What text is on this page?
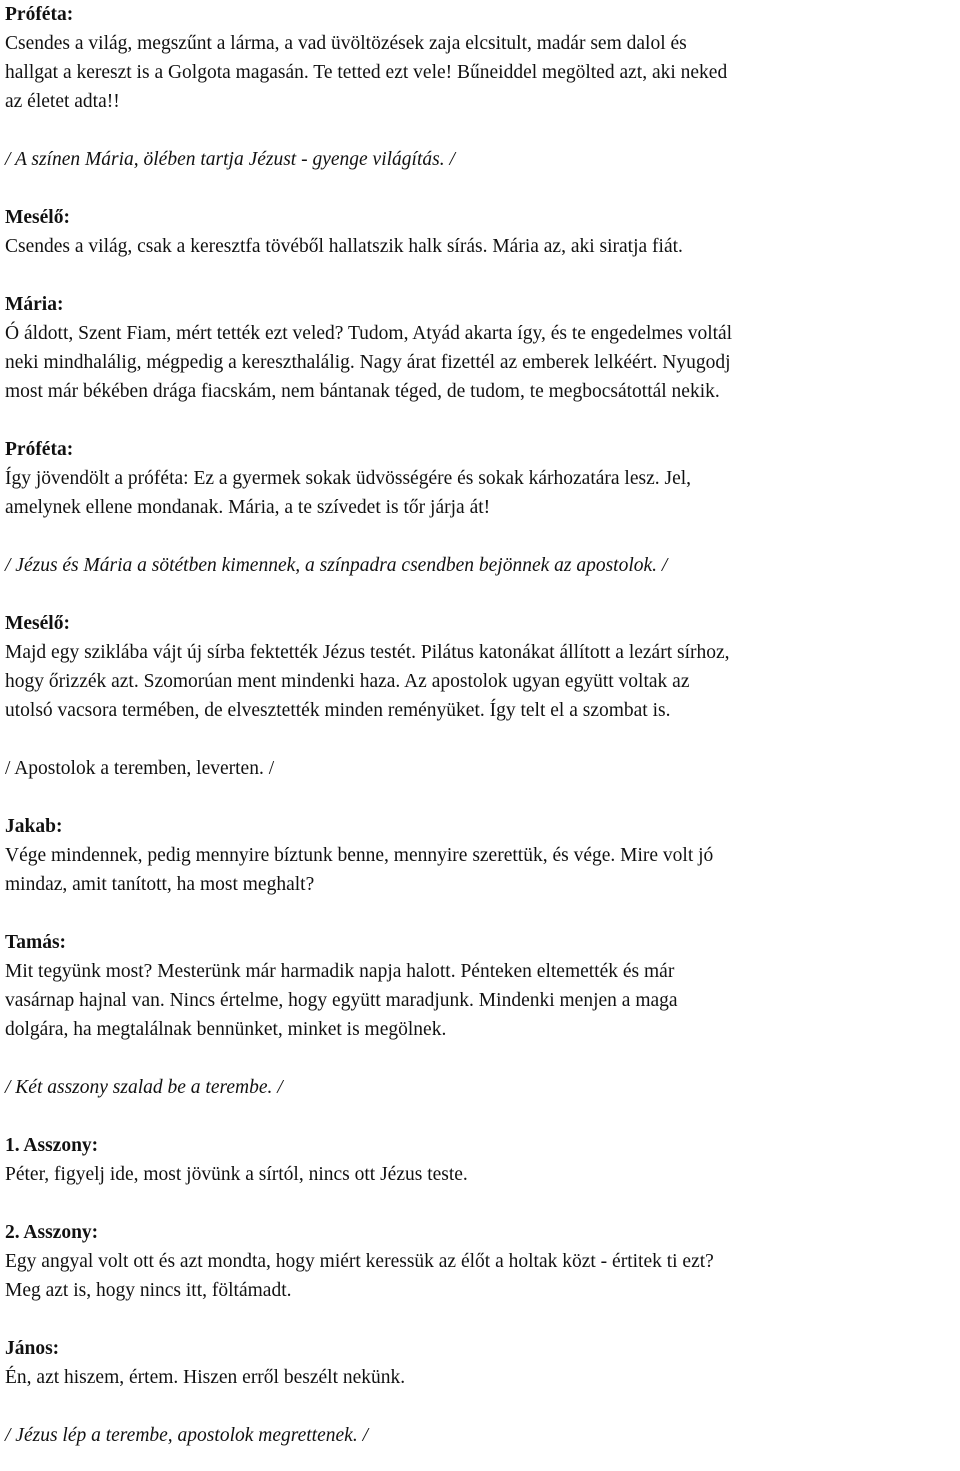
Próféta:
Csendes a világ, megszűnt a lárma, a vad üvöltözések zaja elcsitult, madár sem dalol és
hallgat a kereszt is a Golgota magasán. Te tetted ezt vele! Bűneiddel megölted azt, aki neked
az életet adta!!
/ A színen Mária, ölében tartja Jézust - gyenge világítás. /
Mesélő:
Csendes a világ, csak a keresztfa tövéből hallatszik halk sírás. Mária az, aki siratja fiát.
Mária:
Ó áldott, Szent Fiam, mért tették ezt veled? Tudom, Atyád akarta így, és te engedelmes voltál
neki mindhalálig, mégpedig a kereszthalálig. Nagy árat fizettél az emberek lelkéért. Nyugodj
most már békében drága fiacskám, nem bántanak téged, de tudom, te megbocsátottál nekik.
Próféta:
Így jövendölt a próféta: Ez a gyermek sokak üdvösségére és sokak kárhozatára lesz. Jel,
amelynek ellene mondanak. Mária, a te szívedet is tőr járja át!
/ Jézus és Mária a sötétben kimennek, a színpadra csendben bejönnek az apostolok. /
Mesélő:
Majd egy sziklába vájt új sírba fektették Jézus testét. Pilátus katonákat állított a lezárt sírhoz,
hogy őrizzék azt. Szomorúan ment mindenki haza. Az apostolok ugyan együtt voltak az
utolsó vacsora termében, de elvesztették minden reményüket. Így telt el a szombat is.
/ Apostolok a teremben, leverten. /
Jakab:
Vége mindennek, pedig mennyire bíztunk benne, mennyire szerettük, és vége. Mire volt jó
mindaz, amit tanított, ha most meghalt?
Tamás:
Mit tegyünk most? Mesterünk már harmadik napja halott. Pénteken eltemették és már
vasárnap hajnal van. Nincs értelme, hogy együtt maradjunk. Mindenki menjen a maga
dolgára, ha megtalálnak bennünket, minket is megölnek.
/ Két asszony szalad be a terembe. /
1. Asszony:
Péter, figyelj ide, most jövünk a sírtól, nincs ott Jézus teste.
2. Asszony:
Egy angyal volt ott és azt mondta, hogy miért keressük az élőt a holtak közt - értitek ti ezt?
Meg azt is, hogy nincs itt, föltámadt.
János:
Én, azt hiszem, értem. Hiszen erről beszélt nekünk.
/ Jézus lép a terembe, apostolok megrettenek. /
